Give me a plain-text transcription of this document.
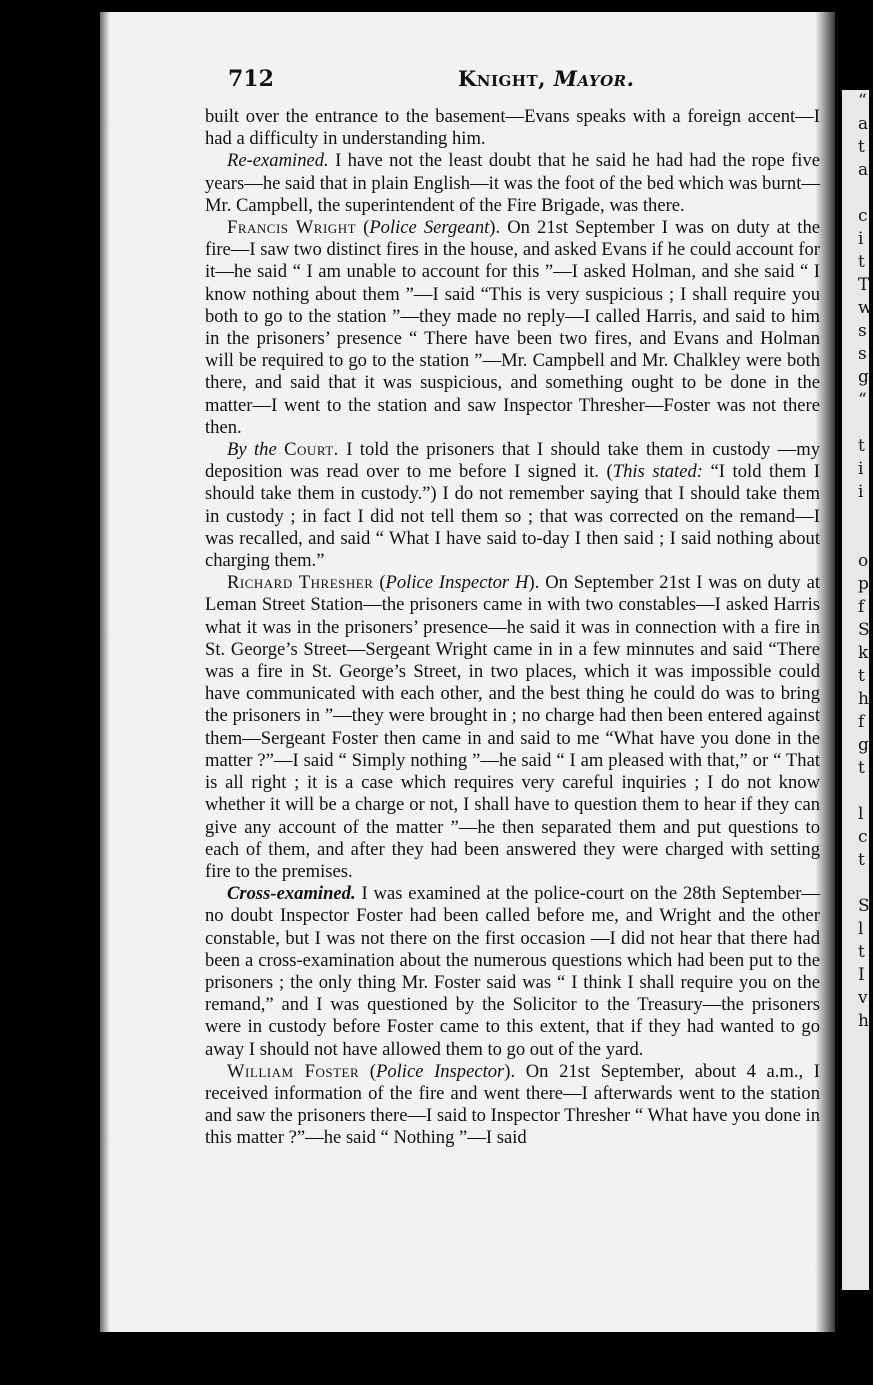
“
a
t
a

c
i
t
T
w
s
s
g
“

t
i
i

o
p
f
S
k
t
h
f
g
t

l
c
t

S
l
t
I
v
h
712	Knight, Mayor.

built over the entrance to the basement—Evans speaks with a foreign accent—I had a difficulty in understanding him.

Re-examined. I have not the least doubt that he said he had had the rope five years—he said that in plain English—it was the foot of the bed which was burnt—Mr. Campbell, the superintendent of the Fire Brigade, was there.

Francis Wright (Police Sergeant). On 21st September I was on duty at the fire—I saw two distinct fires in the house, and asked Evans if he could account for it—he said “ I am unable to account for this ”—I asked Holman, and she said “ I know nothing about them ”—I said “This is very suspicious ; I shall require you both to go to the station ”—they made no reply—I called Harris, and said to him in the prisoners’ presence “ There have been two fires, and Evans and Holman will be required to go to the station ”—Mr. Campbell and Mr. Chalkley were both there, and said that it was suspicious, and something ought to be done in the matter—I went to the station and saw Inspector Thresher—Foster was not there then.

By the Court. I told the prisoners that I should take them in custody —my deposition was read over to me before I signed it. (This stated: “I told them I should take them in custody.”) I do not remember saying that I should take them in custody ; in fact I did not tell them so ; that was corrected on the remand—I was recalled, and said “ What I have said to-day I then said ; I said nothing about charging them.”

Richard Thresher (Police Inspector H). On September 21st I was on duty at Leman Street Station—the prisoners came in with two constables—I asked Harris what it was in the prisoners’ presence—he said it was in connection with a fire in St. George’s Street—Sergeant Wright came in in a few minnutes and said “There was a fire in St. George’s Street, in two places, which it was impossible could have communicated with each other, and the best thing he could do was to bring the prisoners in ”—they were brought in ; no charge had then been entered against them—Sergeant Foster then came in and said to me “What have you done in the matter ?”—I said “ Simply nothing ”—he said “ I am pleased with that,” or “ That is all right ; it is a case which requires very careful inquiries ; I do not know whether it will be a charge or not, I shall have to question them to hear if they can give any account of the matter ”—he then separated them and put questions to each of them, and after they had been answered they were charged with setting fire to the premises.

Cross-examined. I was examined at the police-court on the 28th September—no doubt Inspector Foster had been called before me, and Wright and the other constable, but I was not there on the first occasion —I did not hear that there had been a cross-examination about the numerous questions which had been put to the prisoners ; the only thing Mr. Foster said was “ I think I shall require you on the remand,” and I was questioned by the Solicitor to the Treasury—the prisoners were in custody before Foster came to this extent, that if they had wanted to go away I should not have allowed them to go out of the yard.

William Foster (Police Inspector). On 21st September, about 4 a.m., I received information of the fire and went there—I afterwards went to the station and saw the prisoners there—I said to Inspector Thresher “ What have you done in this matter ?”—he said “ Nothing ”—I said
